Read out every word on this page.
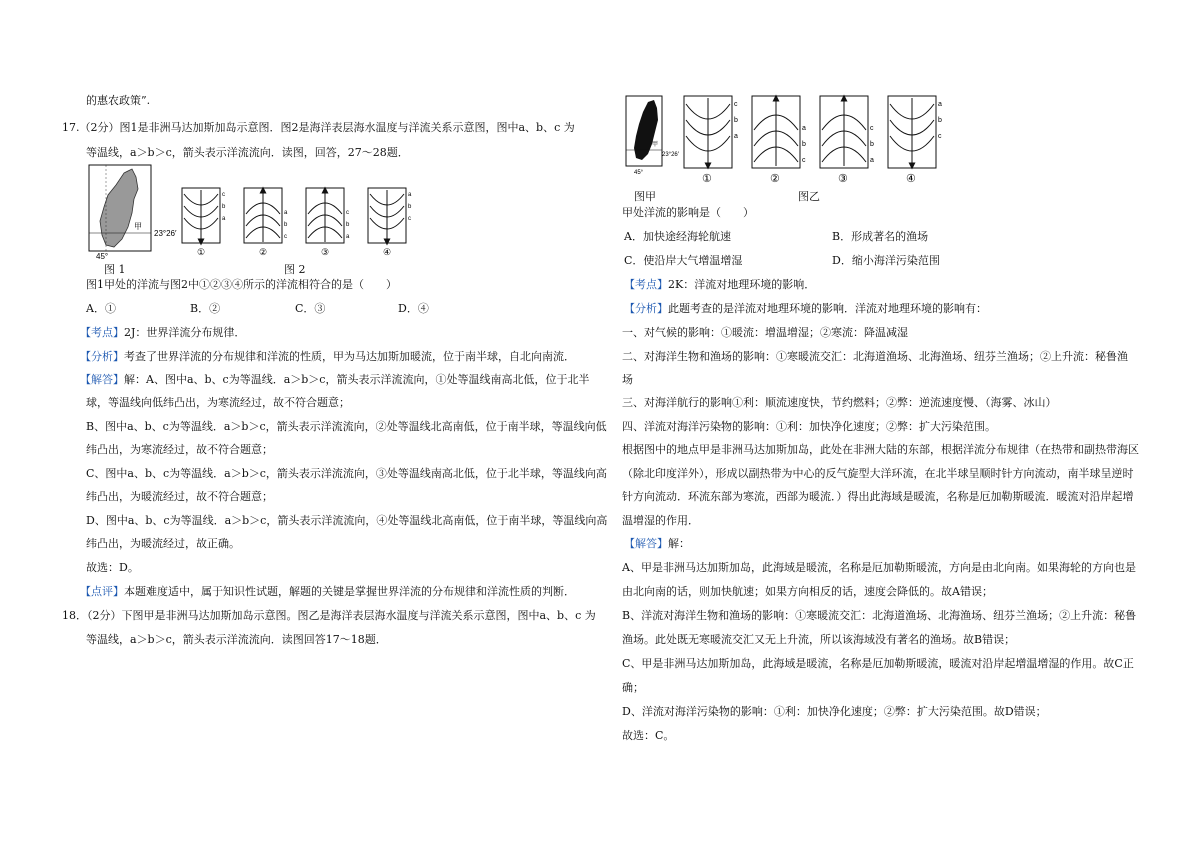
的惠农政策”.
17.（2分）图1是非洲马达加斯加岛示意图．图2是海洋表层海水温度与洋流关系示意图，图中a、b、c 为
等温线，a＞b＞c，箭头表示洋流流向．读图，回答，27～28题．
甲
23°26′
45°
图 1
c
b
a
①
a
b
c
②
c
b
a
③
a
b
c
④
图 2
图1甲处的洋流与图2中①②③④所示的洋流相符合的是（　　）
A．①	B．②	C．③	D．④
【考点】2J：世界洋流分布规律．
【分析】考查了世界洋流的分布规律和洋流的性质，甲为马达加斯加暖流，位于南半球，自北向南流．
【解答】解：A、图中a、b、c为等温线．a＞b＞c，箭头表示洋流流向，①处等温线南高北低，位于北半
球，等温线向低纬凸出，为寒流经过，故不符合题意；
B、图中a、b、c为等温线．a＞b＞c，箭头表示洋流流向，②处等温线北高南低，位于南半球，等温线向低
纬凸出，为寒流经过，故不符合题意；
C、图中a、b、c为等温线．a＞b＞c，箭头表示洋流流向，③处等温线南高北低，位于北半球，等温线向高
纬凸出，为暖流经过，故不符合题意；
D、图中a、b、c为等温线．a＞b＞c，箭头表示洋流流向，④处等温线北高南低，位于南半球，等温线向高
纬凸出，为暖流经过，故正确。
故选：D。
【点评】本题难度适中，属于知识性试题，解题的关键是掌握世界洋流的分布规律和洋流性质的判断．
18．（2分）下图甲是非洲马达加斯加岛示意图。图乙是海洋表层海水温度与洋流关系示意图，图中a、b、c 为
等温线，a＞b＞c，箭头表示洋流流向．读图回答17～18题．
甲
23°26′
45°
图甲
c
b
a
①
a
b
c
②
c
b
a
③
a
b
c
④
图乙
甲处洋流的影响是（　　）
A．加快途经海轮航速	B．形成著名的渔场
C．使沿岸大气增温增湿	D．缩小海洋污染范围
【考点】2K：洋流对地理环境的影响．
【分析】此题考查的是洋流对地理环境的影响．洋流对地理环境的影响有：
一、对气候的影响：①暖流：增温增湿；②寒流：降温减湿
二、对海洋生物和渔场的影响：①寒暖流交汇：北海道渔场、北海渔场、纽芬兰渔场；②上升流：秘鲁渔
场
三、对海洋航行的影响①利：顺流速度快，节约燃料；②弊：逆流速度慢、（海雾、冰山）
四、洋流对海洋污染物的影响：①利：加快净化速度；②弊：扩大污染范围。
根据图中的地点甲是非洲马达加斯加岛，此处在非洲大陆的东部，根据洋流分布规律（在热带和副热带海区
（除北印度洋外），形成以副热带为中心的反气旋型大洋环流，在北半球呈顺时针方向流动，南半球呈逆时
针方向流动．环流东部为寒流，西部为暖流．）得出此海域是暖流，名称是厄加勒斯暖流．暖流对沿岸起增
温增湿的作用．
【解答】解：
A、甲是非洲马达加斯加岛，此海域是暖流，名称是厄加勒斯暖流，方向是由北向南。如果海轮的方向也是
由北向南的话，则加快航速；如果方向相反的话，速度会降低的。故A错误；
B、洋流对海洋生物和渔场的影响：①寒暖流交汇：北海道渔场、北海渔场、纽芬兰渔场；②上升流：秘鲁
渔场。此处既无寒暖流交汇又无上升流，所以该海域没有著名的渔场。故B错误；
C、甲是非洲马达加斯加岛，此海域是暖流，名称是厄加勒斯暖流，暖流对沿岸起增温增湿的作用。故C正
确；
D、洋流对海洋污染物的影响：①利：加快净化速度；②弊：扩大污染范围。故D错误；
故选：C。
